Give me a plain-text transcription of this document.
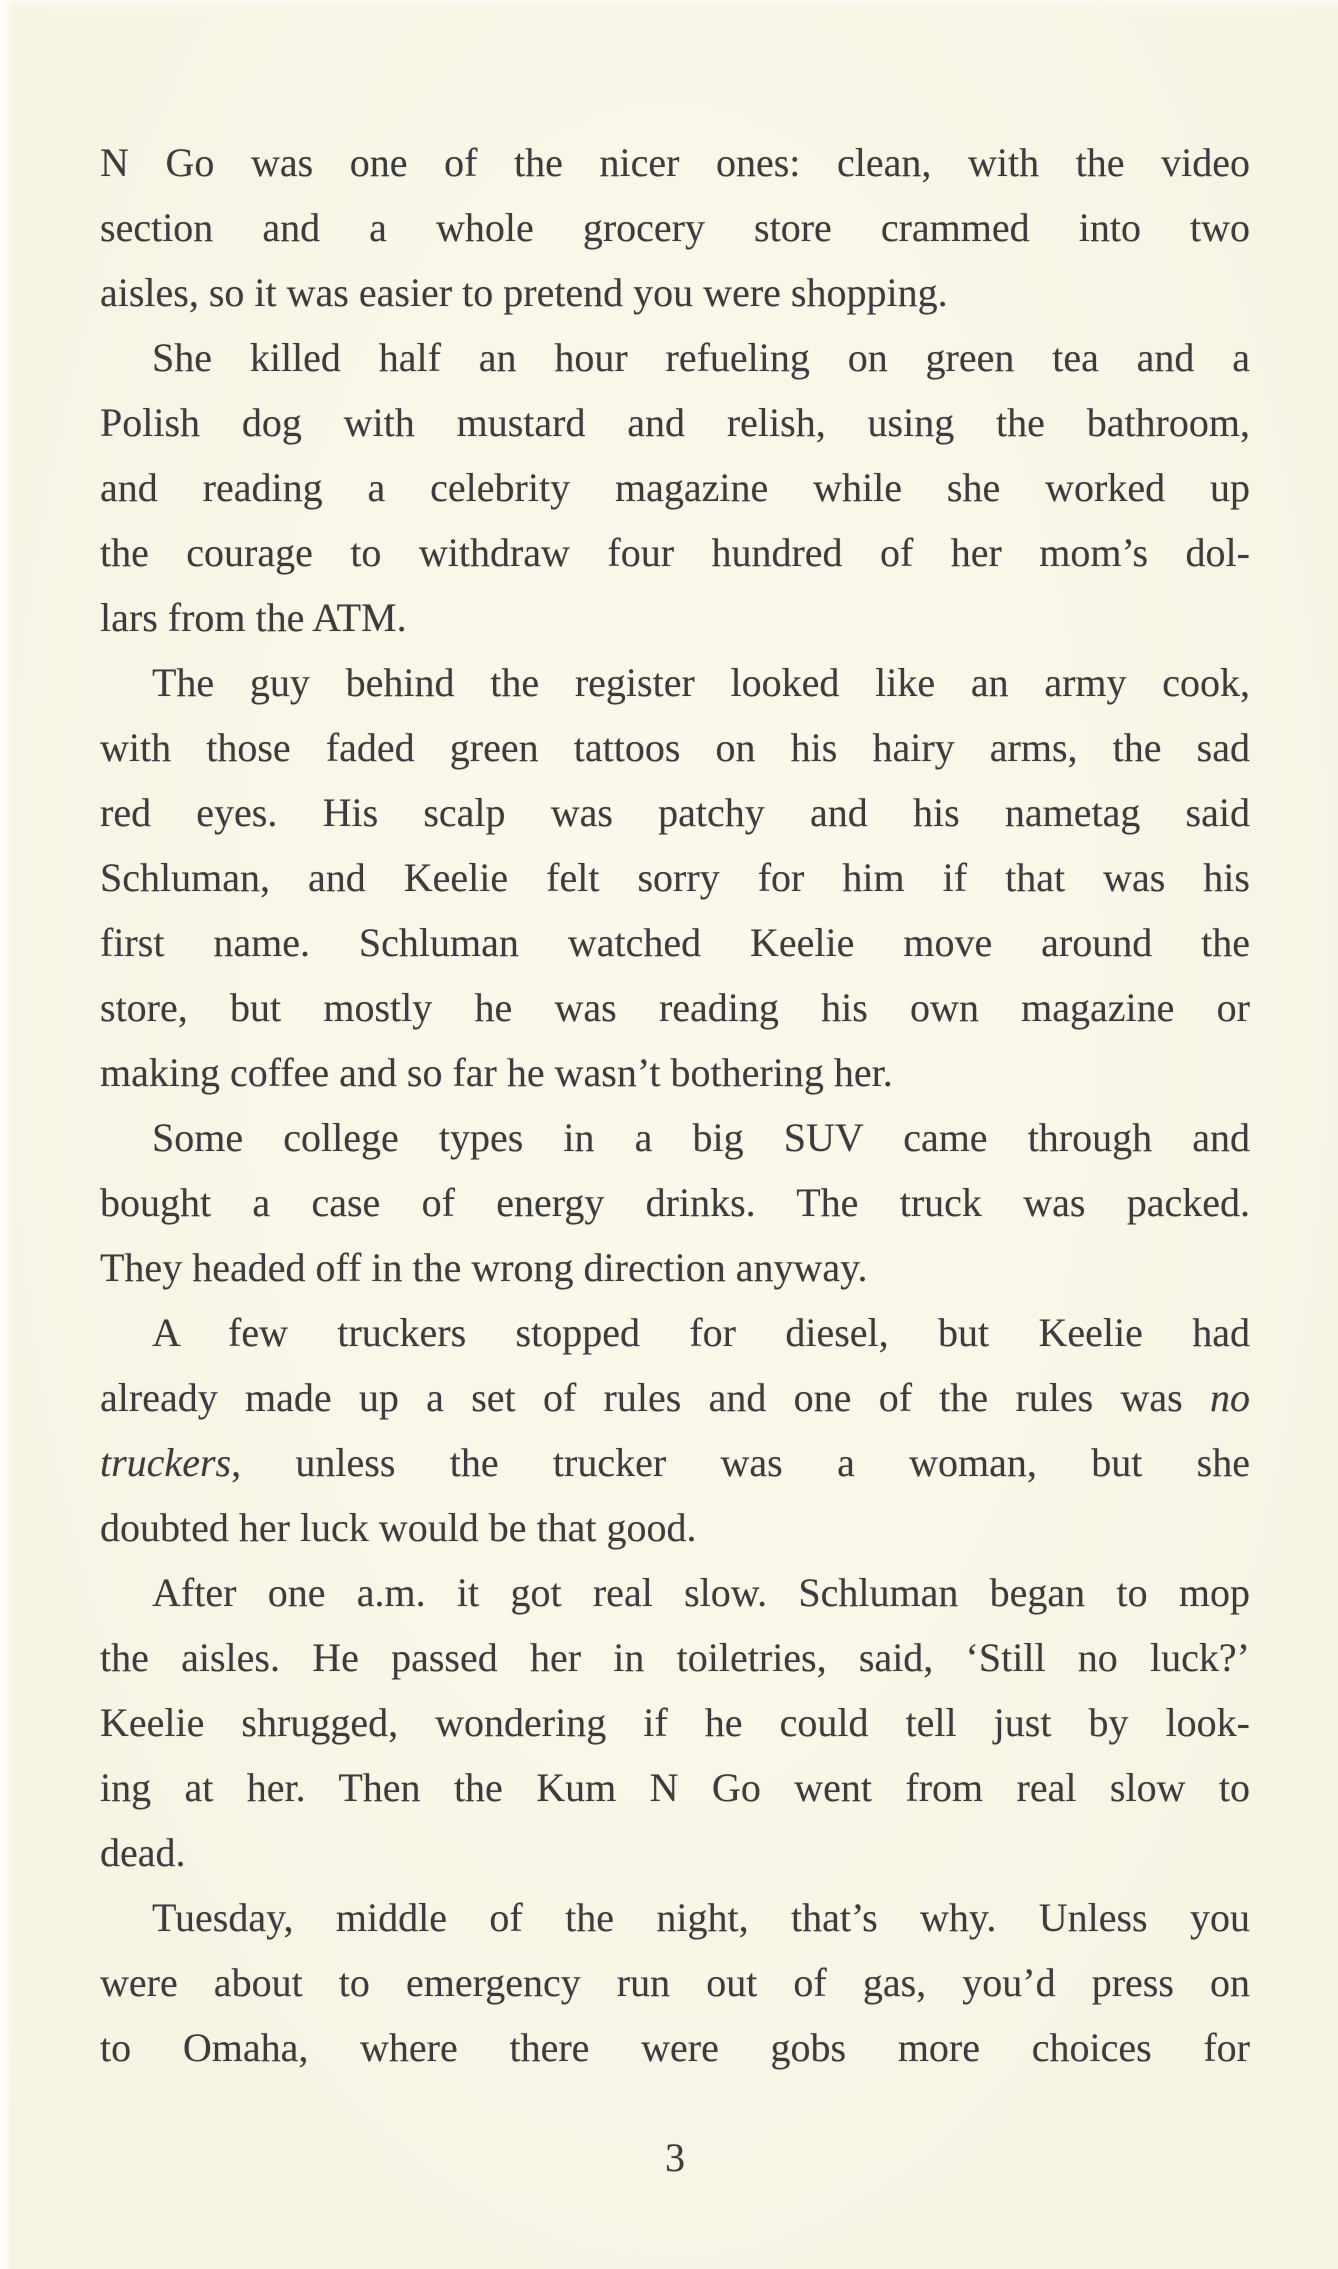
N Go was one of the nicer ones: clean, with the video
section and a whole grocery store crammed into two
aisles, so it was easier to pretend you were shopping.
She killed half an hour refueling on green tea and a
Polish dog with mustard and relish, using the bathroom,
and reading a celebrity magazine while she worked up
the courage to withdraw four hundred of her mom’s dol-
lars from the ATM.
The guy behind the register looked like an army cook,
with those faded green tattoos on his hairy arms, the sad
red eyes. His scalp was patchy and his nametag said
Schluman, and Keelie felt sorry for him if that was his
first name. Schluman watched Keelie move around the
store, but mostly he was reading his own magazine or
making coffee and so far he wasn’t bothering her.
Some college types in a big SUV came through and
bought a case of energy drinks. The truck was packed.
They headed off in the wrong direction anyway.
A few truckers stopped for diesel, but Keelie had
already made up a set of rules and one of the rules was no
truckers, unless the trucker was a woman, but she
doubted her luck would be that good.
After one a.m. it got real slow. Schluman began to mop
the aisles. He passed her in toiletries, said, ‘Still no luck?’
Keelie shrugged, wondering if he could tell just by look-
ing at her. Then the Kum N Go went from real slow to
dead.
Tuesday, middle of the night, that’s why. Unless you
were about to emergency run out of gas, you’d press on
to Omaha, where there were gobs more choices for
3
